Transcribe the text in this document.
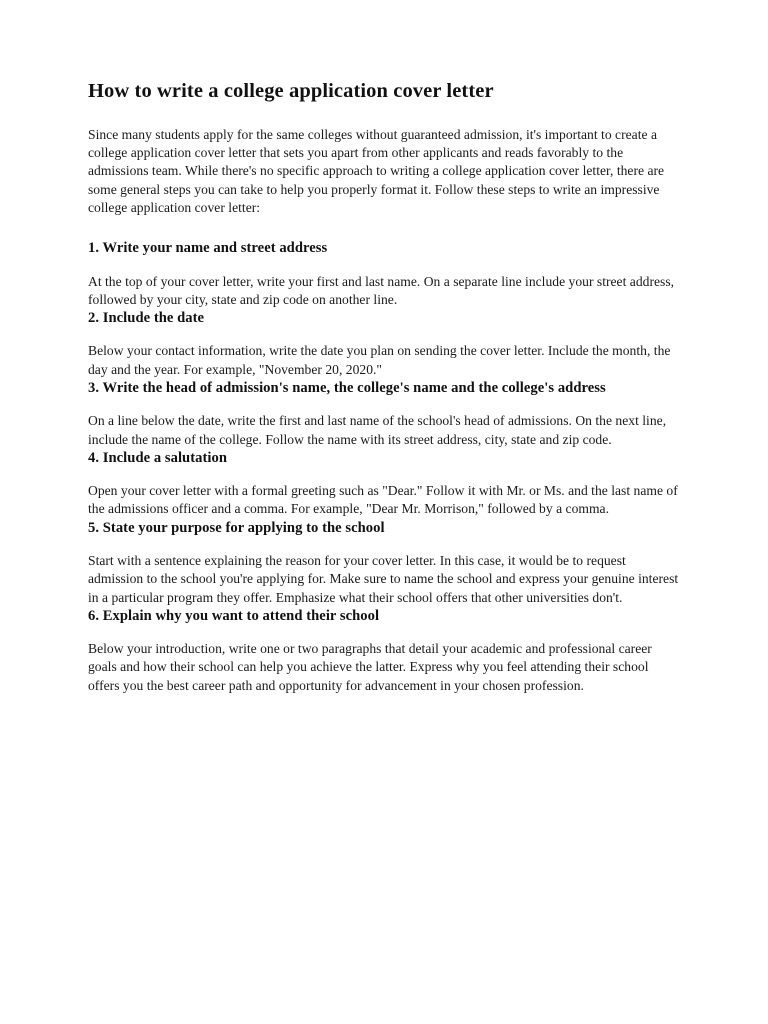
How to write a college application cover letter

Since many students apply for the same colleges without guaranteed admission, it's important to create a college application cover letter that sets you apart from other applicants and reads favorably to the admissions team. While there's no specific approach to writing a college application cover letter, there are some general steps you can take to help you properly format it. Follow these steps to write an impressive college application cover letter:

1. Write your name and street address

At the top of your cover letter, write your first and last name. On a separate line include your street address, followed by your city, state and zip code on another line.

2. Include the date

Below your contact information, write the date you plan on sending the cover letter. Include the month, the day and the year. For example, "November 20, 2020."

3. Write the head of admission's name, the college's name and the college's address

On a line below the date, write the first and last name of the school's head of admissions. On the next line, include the name of the college. Follow the name with its street address, city, state and zip code.

4. Include a salutation

Open your cover letter with a formal greeting such as "Dear." Follow it with Mr. or Ms. and the last name of the admissions officer and a comma. For example, "Dear Mr. Morrison," followed by a comma.

5. State your purpose for applying to the school

Start with a sentence explaining the reason for your cover letter. In this case, it would be to request admission to the school you're applying for. Make sure to name the school and express your genuine interest in a particular program they offer. Emphasize what their school offers that other universities don't.

6. Explain why you want to attend their school

Below your introduction, write one or two paragraphs that detail your academic and professional career goals and how their school can help you achieve the latter. Express why you feel attending their school offers you the best career path and opportunity for advancement in your chosen profession.
